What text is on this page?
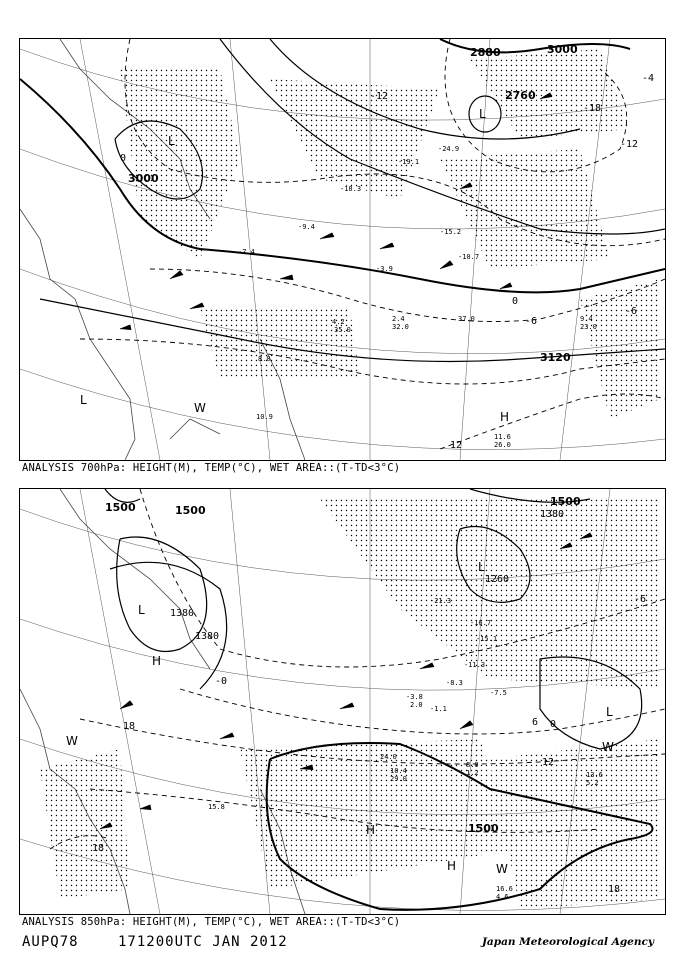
3000
2880
2760
3000
3120
-18
-12
-6
0
0
-6
12
-12
-4
L
L
H
W
L
-24.9
-19.1
-18.3
-15.2
-10.7
-9.4
-7.4
-3.9
2.4
4.2
8.0
9.4
10.9
11.6
32.0
35.0
37.0
26.0
23.0
ANALYSIS 700hPa: HEIGHT(M), TEMP(°C), WET AREA::(T-TD<3°C)
1500	1500
1500
1380
1380
1260
1500
1380
-6
0
6
12
18
18
18
-0
L
L
L
H
H
H
W	W
W
-21.3
-16.7
-15.1
-11.3
-8.3
-7.5
-3.8
-1.1
2.0
8.0
10.4	13.6
15.8
16.6
29.0
24.0
5.2
4.6
1.2
ANALYSIS 850hPa: HEIGHT(M), TEMP(°C), WET AREA::(T-TD<3°C)
AUPQ78	171200UTC JAN 2012	Japan Meteorological Agency
